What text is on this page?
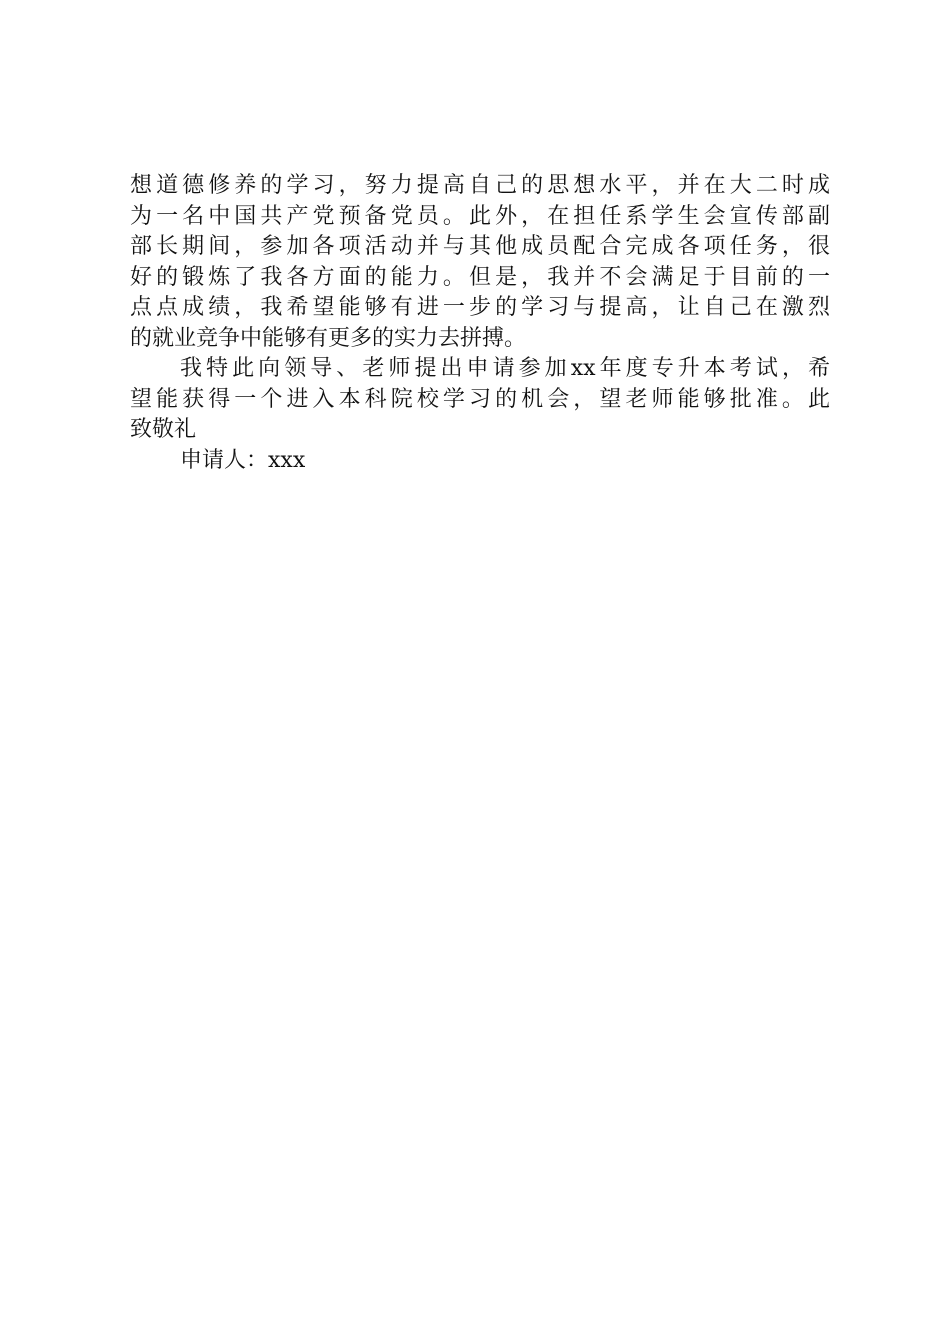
想道德修养的学习，努力提高自己的思想水平，并在大二时成
为一名中国共产党预备党员。此外，在担任系学生会宣传部副
部长期间，参加各项活动并与其他成员配合完成各项任务，很
好的锻炼了我各方面的能力。但是，我并不会满足于目前的一
点点成绩，我希望能够有进一步的学习与提高，让自己在激烈
的就业竞争中能够有更多的实力去拼搏。
我特此向领导、老师提出申请参加xx年度专升本考试，希
望能获得一个进入本科院校学习的机会，望老师能够批准。此
致敬礼
申请人：xxx
